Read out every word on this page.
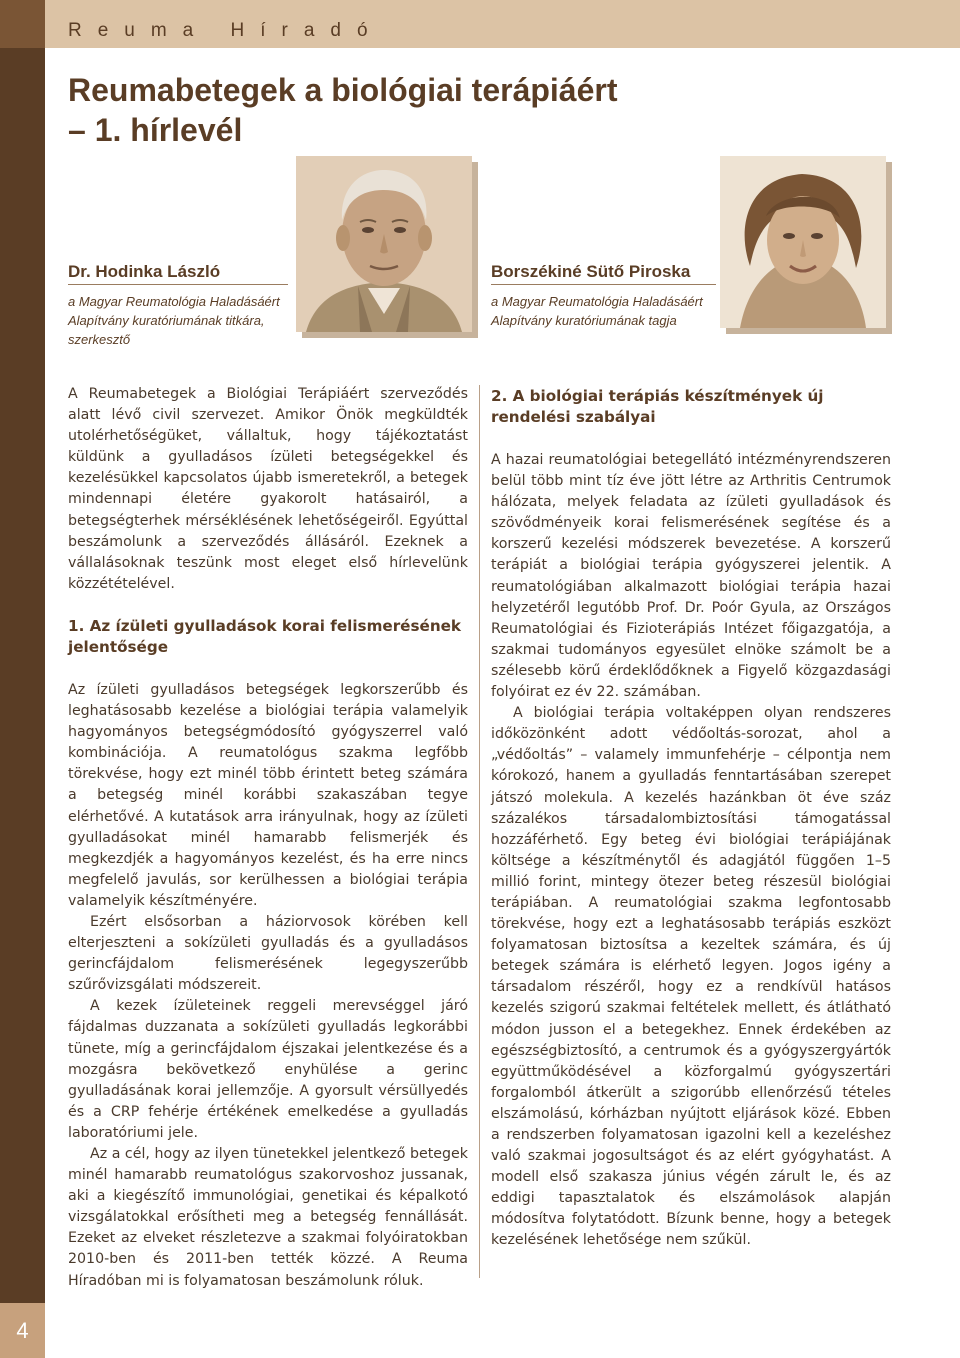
Reuma Híradó
4
Reumabetegek a biológiai terápiáért
– 1. hírlevél
Dr. Hodinka László
a Magyar Reumatológia Haladásáért Alapítvány kuratóriumának titkára, szerkesztő
Borszékiné Sütő Piroska
a Magyar Reumatológia Haladásáért Alapítvány kuratóriumának tagja

A Reumabetegek a Biológiai Terápiáért szerveződés alatt lévő civil szervezet. Amikor Önök megküldték utolérhetőségüket, vállaltuk, hogy tájékoztatást küldünk a gyulladásos ízületi betegségekkel és kezelésükkel kapcsolatos újabb ismeretekről, a betegek mindennapi életére gyakorolt hatásairól, a betegségterhek mérséklésének lehetőségeiről. Egyúttal beszámolunk a szerveződés állásáról. Ezeknek a vállalásoknak teszünk most eleget első hírlevelünk közzétételével.

1. Az ízületi gyulladások korai felismerésének jelentősége

Az ízületi gyulladásos betegségek legkorszerűbb és leghatásosabb kezelése a biológiai terápia valamelyik hagyományos betegségmódosító gyógyszerrel való kombinációja. A reumatológus szakma legfőbb törekvése, hogy ezt minél több érintett beteg számára a betegség minél korábbi szakaszában tegye elérhetővé. A kutatások arra irányulnak, hogy az ízületi gyulladásokat minél hamarabb felismerjék és megkezdjék a hagyományos kezelést, és ha erre nincs megfelelő javulás, sor kerülhessen a biológiai terápia valamelyik készítményére.

Ezért elsősorban a háziorvosok körében kell elterjeszteni a sokízületi gyulladás és a gyulladásos gerincfájdalom felismerésének legegyszerűbb szűrővizsgálati módszereit.

A kezek ízületeinek reggeli merevséggel járó fájdalmas duzzanata a sokízületi gyulladás legkorábbi tünete, míg a gerincfájdalom éjszakai jelentkezése és a mozgásra bekövetkező enyhülése a gerinc gyulladásának korai jellemzője. A gyorsult vérsüllyedés és a CRP fehérje értékének emelkedése a gyulladás laboratóriumi jele.

Az a cél, hogy az ilyen tünetekkel jelentkező betegek minél hamarabb reumatológus szakorvoshoz jussanak, aki a kiegészítő immunológiai, genetikai és képalkotó vizsgálatokkal erősítheti meg a betegség fennállását. Ezeket az elveket részletezve a szakmai folyóiratokban 2010-ben és 2011-ben tették közzé. A Reuma Híradóban mi is folyamatosan beszámolunk róluk.

2. A biológiai terápiás készítmények új rendelési szabályai

A hazai reumatológiai betegellátó intézményrendszeren belül több mint tíz éve jött létre az Arthritis Centrumok hálózata, melyek feladata az ízületi gyulladások és szövődményeik korai felismerésének segítése és a korszerű kezelési módszerek bevezetése. A korszerű terápiát a biológiai terápia gyógyszerei jelentik. A reumatológiában alkalmazott biológiai terápia hazai helyzetéről legutóbb Prof. Dr. Poór Gyula, az Országos Reumatológiai és Fizioterápiás Intézet főigazgatója, a szakmai tudományos egyesület elnöke számolt be a szélesebb körű érdeklődőknek a Figyelő közgazdasági folyóirat ez év 22. számában.

A biológiai terápia voltaképpen olyan rendszeres időközönként adott védőoltás-sorozat, ahol a „védőoltás” – valamely immunfehérje – célpontja nem kórokozó, hanem a gyulladás fenntartásában szerepet játszó molekula. A kezelés hazánkban öt éve száz százalékos társadalombiztosítási támogatással hozzáférhető. Egy beteg évi biológiai terápiájának költsége a készítménytől és adagjától függően 1–5 millió forint, mintegy ötezer beteg részesül biológiai terápiában. A reumatológiai szakma legfontosabb törekvése, hogy ezt a leghatásosabb terápiás eszközt folyamatosan biztosítsa a kezeltek számára, és új betegek számára is elérhető legyen. Jogos igény a társadalom részéről, hogy ez a rendkívül hatásos kezelés szigorú szakmai feltételek mellett, és átlátható módon jusson el a betegekhez. Ennek érdekében az egészségbiztosító, a centrumok és a gyógyszergyártók együttműködésével a közforgalmú gyógyszertári forgalomból átkerült a szigorúbb ellenőrzésű tételes elszámolású, kórházban nyújtott eljárások közé. Ebben a rendszerben folyamatosan igazolni kell a kezeléshez való szakmai jogosultságot és az elért gyógyhatást. A modell első szakasza június végén zárult le, és az eddigi tapasztalatok és elszámolások alapján módosítva folytatódott. Bízunk benne, hogy a betegek kezelésének lehetősége nem szűkül.
